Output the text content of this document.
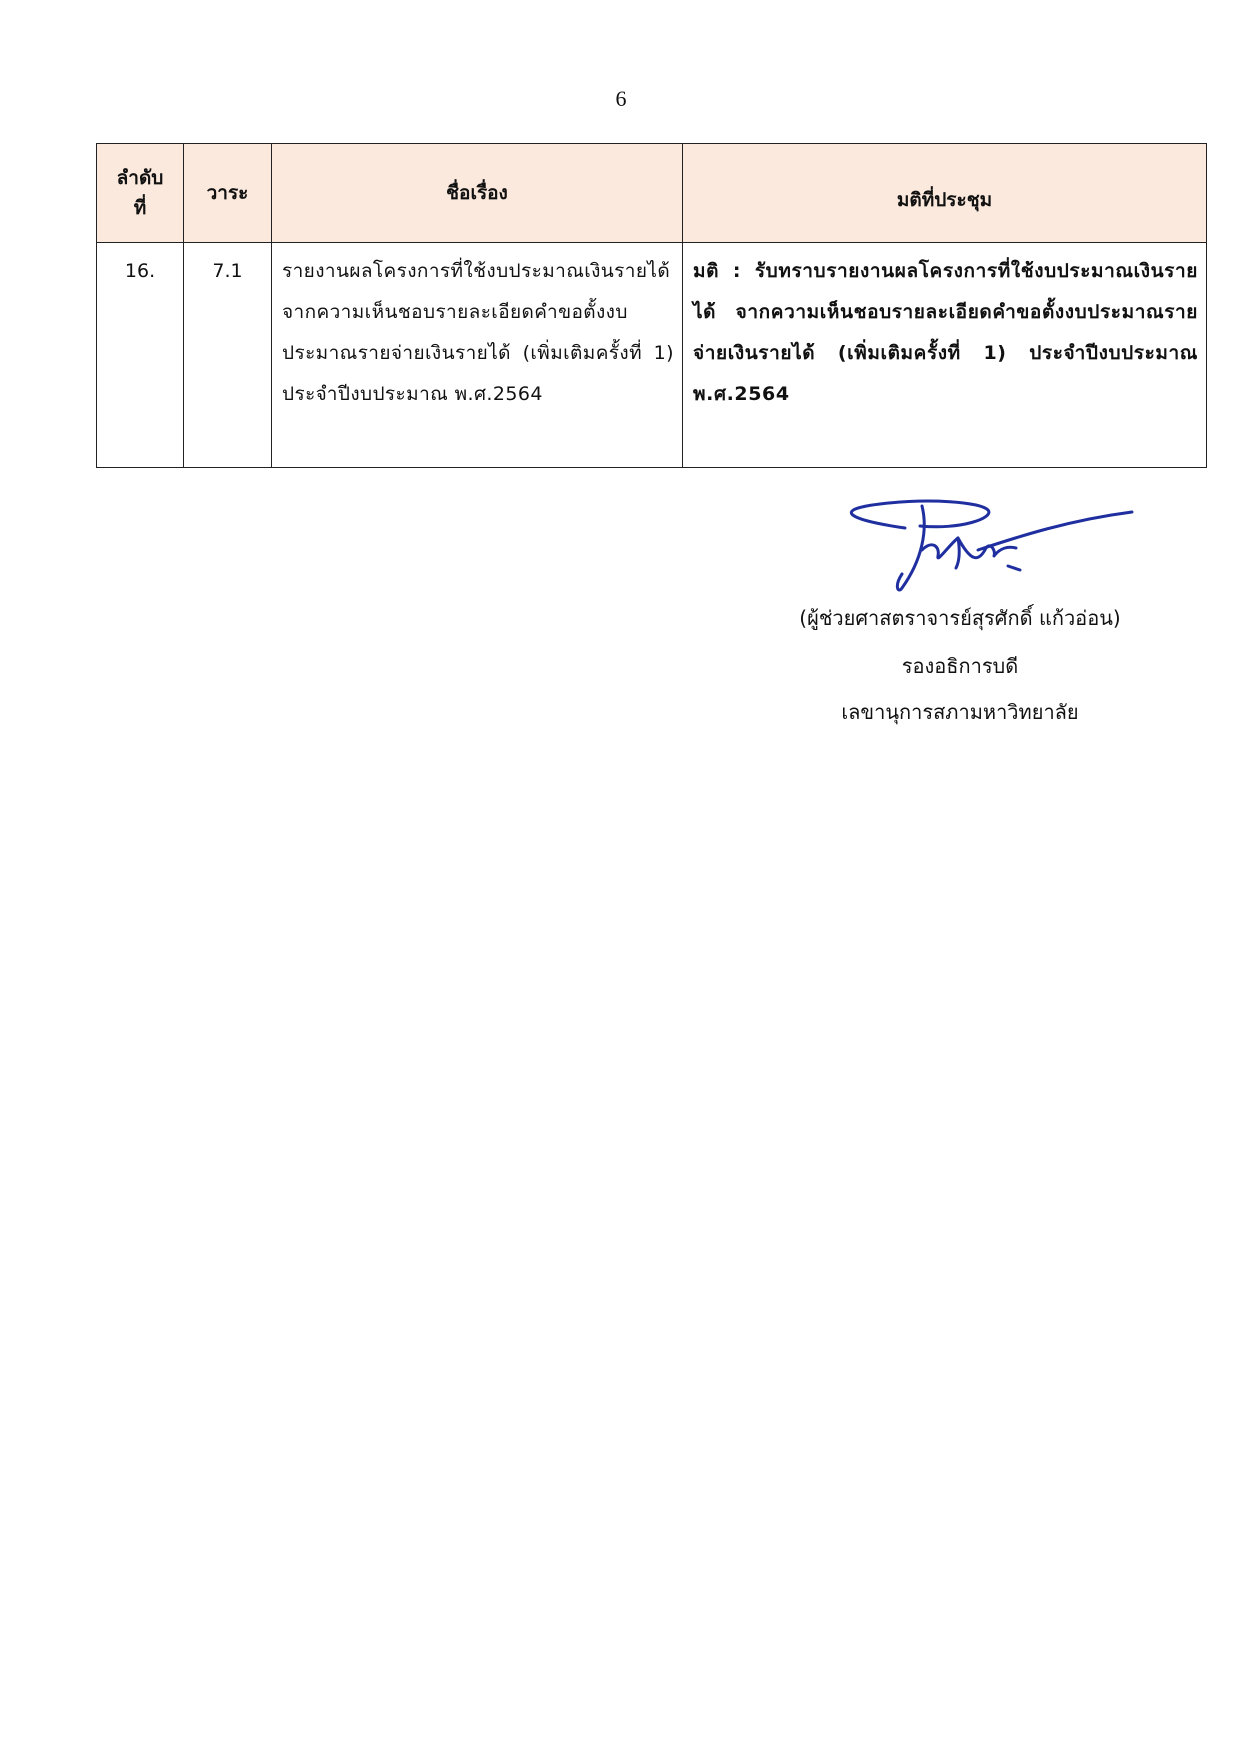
6
ลำดับ
ที่	วาระ	ชื่อเรื่อง	มติที่ประชุม
16.	7.1	รายงานผลโครงการที่ใช้งบประมาณเงินรายได้ จากความเห็นชอบรายละเอียดคำขอตั้งงบประมาณรายจ่ายเงินรายได้ (เพิ่มเติมครั้งที่ 1) ประจำปีงบประมาณ พ.ศ.2564	มติ : รับทราบรายงานผลโครงการที่ใช้งบประมาณเงินรายได้ จากความเห็นชอบรายละเอียดคำขอตั้งงบประมาณรายจ่ายเงินรายได้ (เพิ่มเติมครั้งที่ 1) ประจำปีงบประมาณ พ.ศ.2564
(ผู้ช่วยศาสตราจารย์สุรศักดิ์ แก้วอ่อน)
รองอธิการบดี
เลขานุการสภามหาวิทยาลัย
